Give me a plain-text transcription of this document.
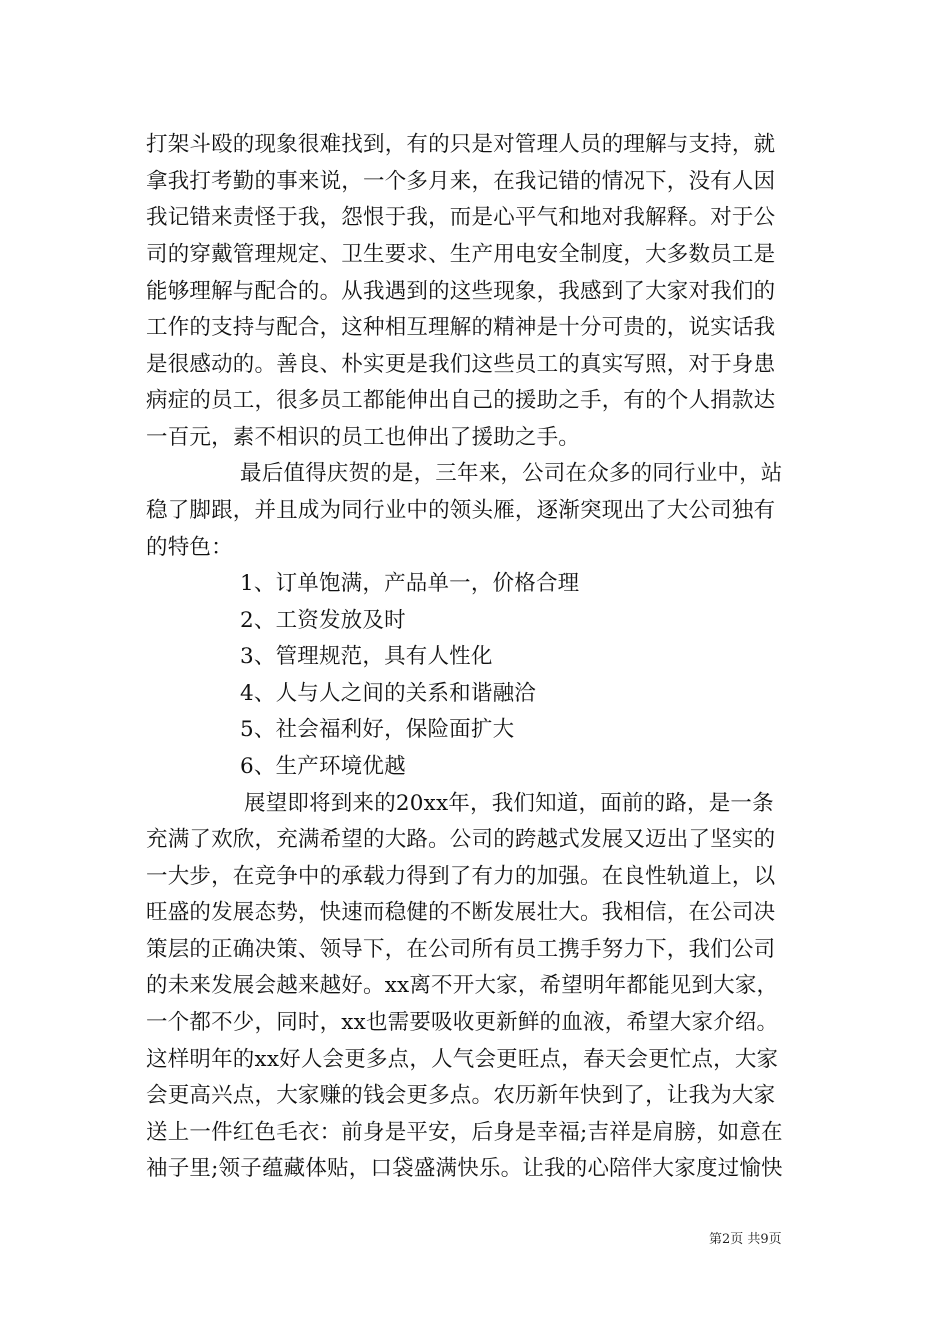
打架斗殴的现象很难找到，有的只是对管理人员的理解与支持，就
拿我打考勤的事来说，一个多月来，在我记错的情况下，没有人因
我记错来责怪于我，怨恨于我，而是心平气和地对我解释。对于公
司的穿戴管理规定、卫生要求、生产用电安全制度，大多数员工是
能够理解与配合的。从我遇到的这些现象，我感到了大家对我们的
工作的支持与配合，这种相互理解的精神是十分可贵的，说实话我
是很感动的。善良、朴实更是我们这些员工的真实写照，对于身患
病症的员工，很多员工都能伸出自己的援助之手，有的个人捐款达
一百元，素不相识的员工也伸出了援助之手。
最后值得庆贺的是，三年来，公司在众多的同行业中，站
稳了脚跟，并且成为同行业中的领头雁，逐渐突现出了大公司独有
的特色：
1、订单饱满，产品单一，价格合理
2、工资发放及时
3、管理规范，具有人性化
4、人与人之间的关系和谐融洽
5、社会福利好，保险面扩大
6、生产环境优越
展望即将到来的20xx年，我们知道，面前的路，是一条
充满了欢欣，充满希望的大路。公司的跨越式发展又迈出了坚实的
一大步，在竞争中的承载力得到了有力的加强。在良性轨道上，以
旺盛的发展态势，快速而稳健的不断发展壮大。我相信，在公司决
策层的正确决策、领导下，在公司所有员工携手努力下，我们公司
的未来发展会越来越好。xx离不开大家，希望明年都能见到大家，
一个都不少，同时，xx也需要吸收更新鲜的血液，希望大家介绍。
这样明年的xx好人会更多点，人气会更旺点，春天会更忙点，大家
会更高兴点，大家赚的钱会更多点。农历新年快到了，让我为大家
送上一件红色毛衣：前身是平安，后身是幸福;吉祥是肩膀，如意在
袖子里;领子蕴藏体贴，口袋盛满快乐。让我的心陪伴大家度过愉快
第2页 共9页
